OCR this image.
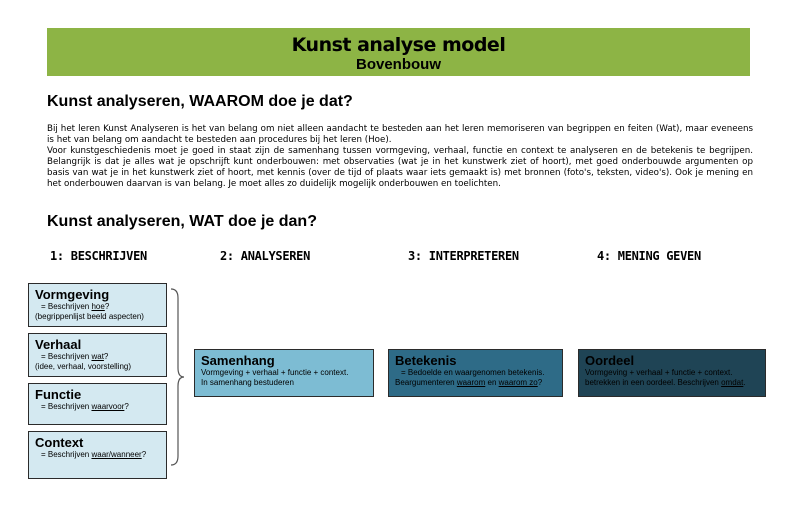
Kunst analyse model
Bovenbouw
Kunst analyseren, WAAROM doe je dat?

Bij het leren Kunst Analyseren is het van belang om niet alleen aandacht te besteden aan het leren memoriseren van begrippen en feiten (Wat), maar eveneens is het van belang om aandacht te besteden aan procedures bij het leren (Hoe).

Voor kunstgeschiedenis moet je goed in staat zijn de samenhang tussen vormgeving, verhaal, functie en context te analyseren en de betekenis te begrijpen. Belangrijk is dat je alles wat je opschrijft kunt onderbouwen: met observaties (wat je in het kunstwerk ziet of hoort), met goed onderbouwde argumenten op basis van wat je in het kunstwerk ziet of hoort, met kennis (over de tijd of plaats waar iets gemaakt is) met bronnen (foto's, teksten, video's). Ook je mening en het onderbouwen daarvan is van belang. Je moet alles zo duidelijk mogelijk onderbouwen en toelichten.

Kunst analyseren, WAT doe je dan?
1: BESCHRIJVEN	2: ANALYSEREN	3: INTERPRETEREN	4: MENING GEVEN
Vormgeving
= Beschrijven hoe?
(begrippenlijst beeld aspecten)
Verhaal
= Beschrijven wat?
(idee, verhaal, voorstelling)
Functie
= Beschrijven waarvoor?
Context
= Beschrijven waar/wanneer?
Samenhang
Vormgeving + verhaal + functie + context.
In samenhang bestuderen
Betekenis
= Bedoelde en waargenomen betekenis.
Beargumenteren waarom en waarom zo?
Oordeel
Vormgeving + verhaal + functie + context.
betrekken in een oordeel. Beschrijven omdat.
